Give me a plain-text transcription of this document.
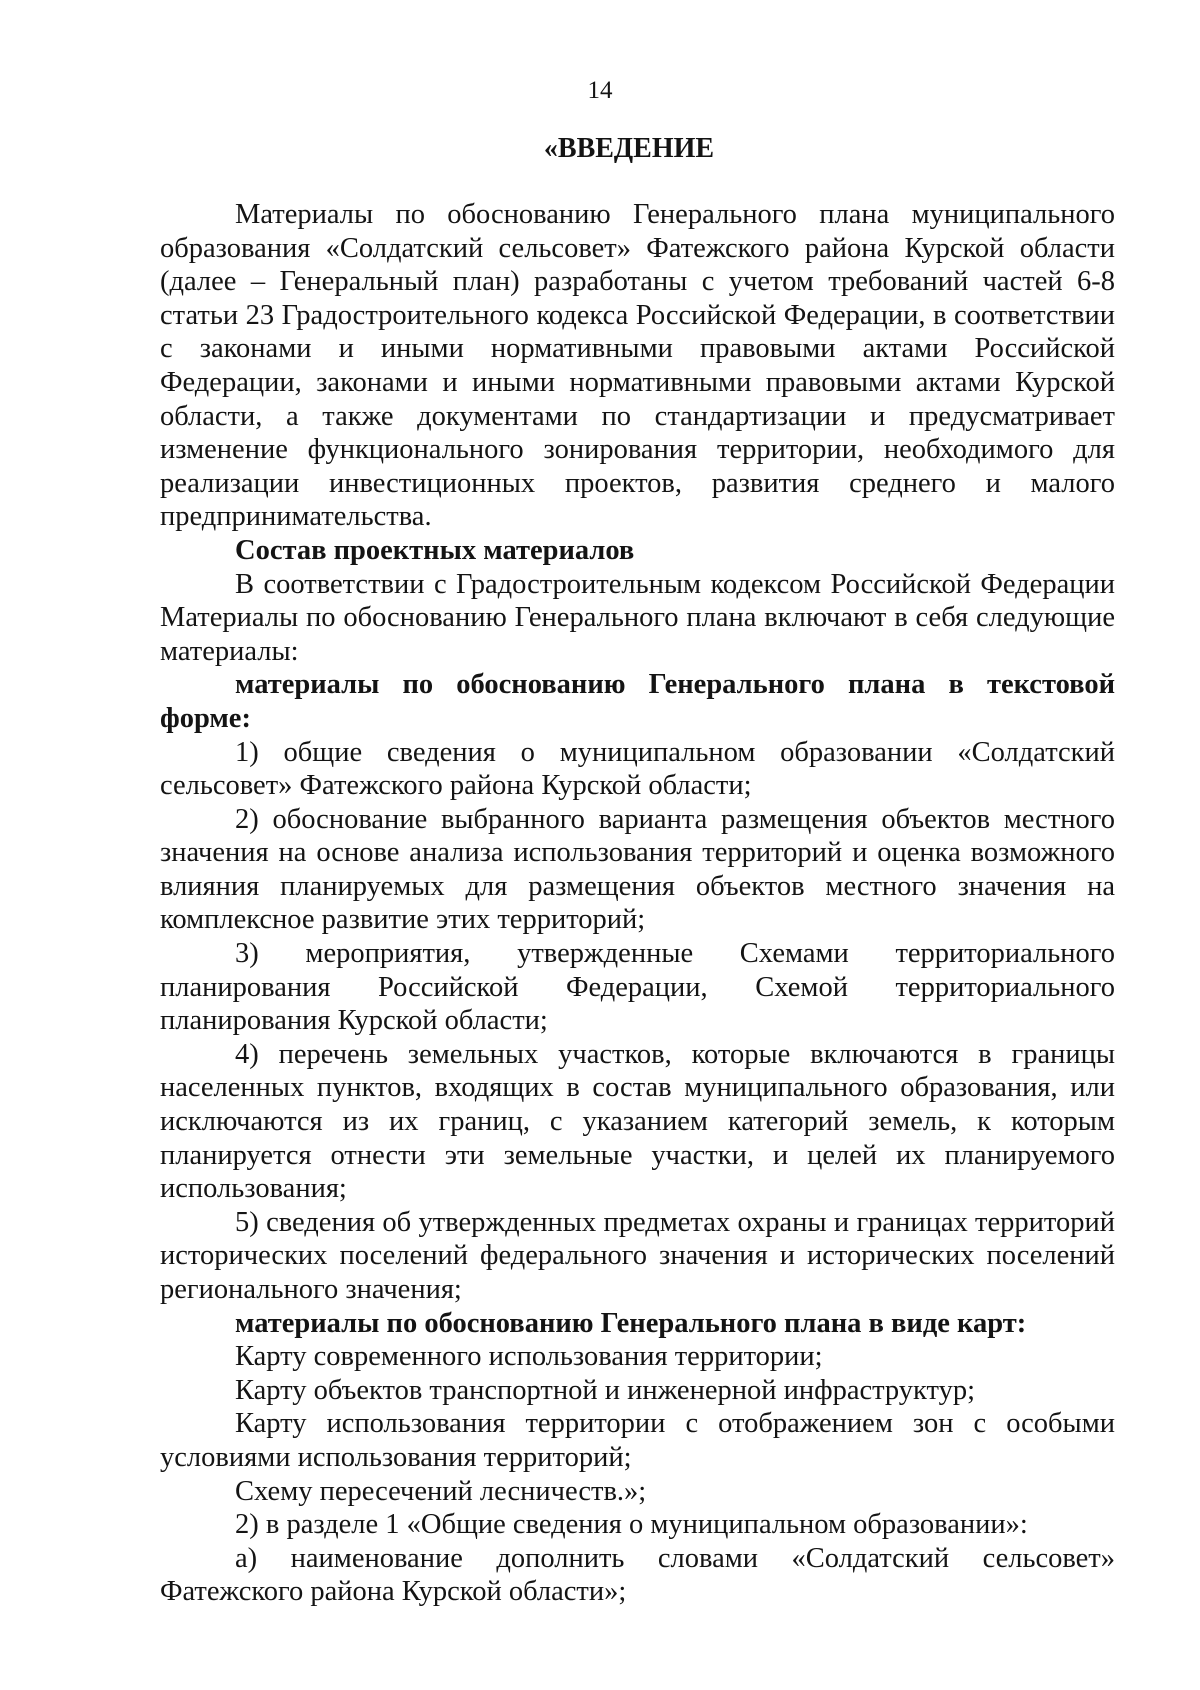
14
«ВВЕДЕНИЕ

Материалы по обоснованию Генерального плана муниципального образования «Солдатский сельсовет» Фатежского района Курской области (далее – Генеральный план) разработаны с учетом требований частей 6-8 статьи 23 Градостроительного кодекса Российской Федерации, в соответствии с законами и иными нормативными правовыми актами Российской Федерации, законами и иными нормативными правовыми актами Курской области, а также документами по стандартизации и предусматривает изменение функционального зонирования территории, необходимого для реализации инвестиционных проектов, развития среднего и малого предпринимательства.

Состав проектных материалов

В соответствии с Градостроительным кодексом Российской Федерации Материалы по обоснованию Генерального плана включают в себя следующие материалы:

материалы по обоснованию Генерального плана в текстовой форме:

1) общие сведения о муниципальном образовании «Солдатский сельсовет» Фатежского района Курской области;

2) обоснование выбранного варианта размещения объектов местного значения на основе анализа использования территорий и оценка возможного влияния планируемых для размещения объектов местного значения на комплексное развитие этих территорий;

3) мероприятия, утвержденные Схемами территориального планирования Российской Федерации, Схемой территориального планирования Курской области;

4) перечень земельных участков, которые включаются в границы населенных пунктов, входящих в состав муниципального образования, или исключаются из их границ, с указанием категорий земель, к которым планируется отнести эти земельные участки, и целей их планируемого использования;

5) сведения об утвержденных предметах охраны и границах территорий исторических поселений федерального значения и исторических поселений регионального значения;

материалы по обоснованию Генерального плана в виде карт:

Карту современного использования территории;

Карту объектов транспортной и инженерной инфраструктур;

Карту использования территории с отображением зон с особыми условиями использования территорий;

Схему пересечений лесничеств.»;

2) в разделе 1 «Общие сведения о муниципальном образовании»:

а) наименование дополнить словами «Солдатский сельсовет» Фатежского района Курской области»;
